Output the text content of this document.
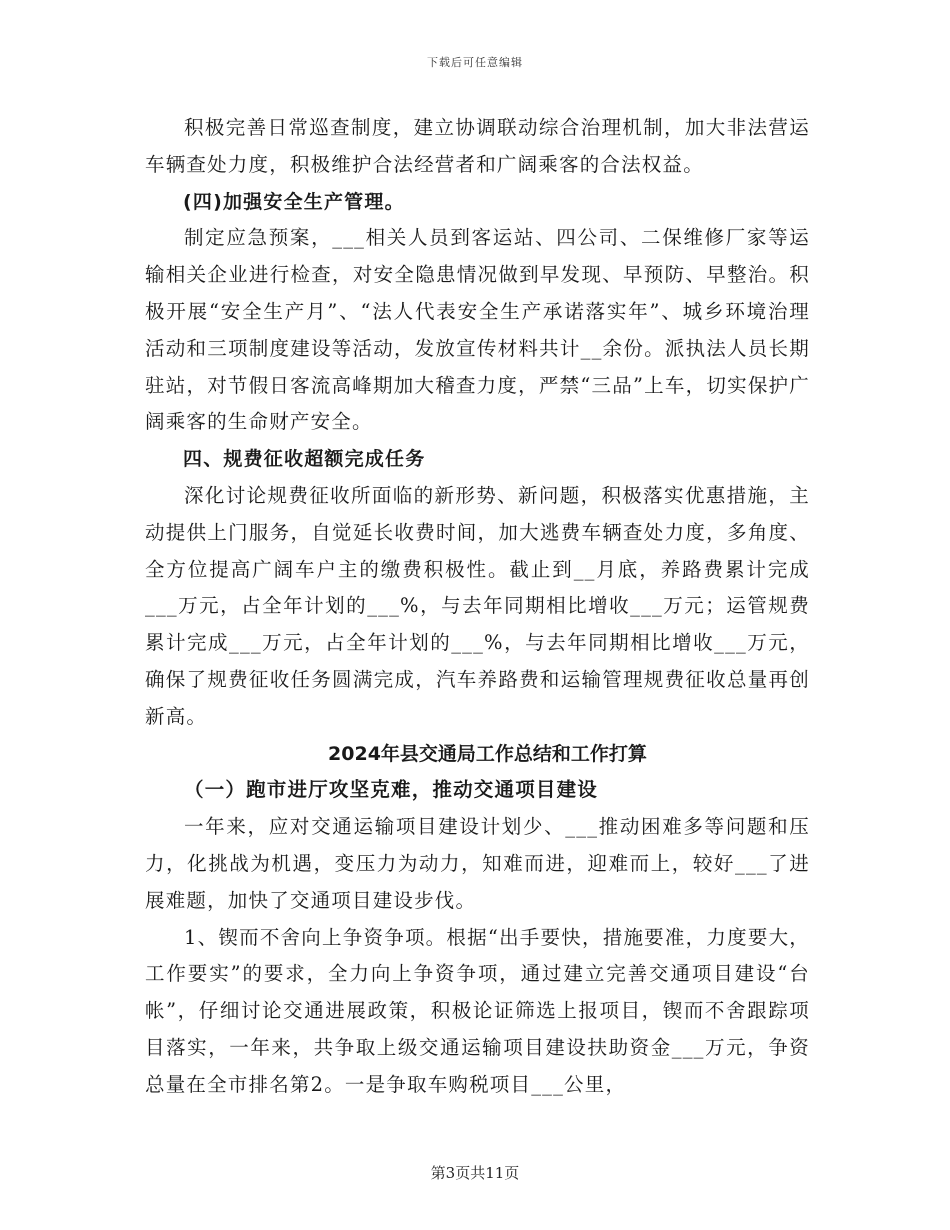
下载后可任意编辑

积极完善日常巡查制度，建立协调联动综合治理机制，加大非法营运车辆查处力度，积极维护合法经营者和广阔乘客的合法权益。

(四)加强安全生产管理。

制定应急预案，___相关人员到客运站、四公司、二保维修厂家等运输相关企业进行检查，对安全隐患情况做到早发现、早预防、早整治。积极开展“安全生产月”、“法人代表安全生产承诺落实年”、城乡环境治理活动和三项制度建设等活动，发放宣传材料共计__余份。派执法人员长期驻站，对节假日客流高峰期加大稽查力度，严禁“三品”上车，切实保护广阔乘客的生命财产安全。

四、规费征收超额完成任务

深化讨论规费征收所面临的新形势、新问题，积极落实优惠措施，主动提供上门服务，自觉延长收费时间，加大逃费车辆查处力度，多角度、全方位提高广阔车户主的缴费积极性。截止到__月底，养路费累计完成___万元，占全年计划的___%，与去年同期相比增收___万元；运管规费累计完成___万元，占全年计划的___%，与去年同期相比增收___万元，确保了规费征收任务圆满完成，汽车养路费和运输管理规费征收总量再创新高。

2024年县交通局工作总结和工作打算

（一）跑市进厅攻坚克难，推动交通项目建设

一年来，应对交通运输项目建设计划少、___推动困难多等问题和压力，化挑战为机遇，变压力为动力，知难而进，迎难而上，较好___了进展难题，加快了交通项目建设步伐。

1、锲而不舍向上争资争项。根据“出手要快，措施要准，力度要大，工作要实”的要求，全力向上争资争项，通过建立完善交通项目建设“台帐”，仔细讨论交通进展政策，积极论证筛选上报项目，锲而不舍跟踪项目落实，一年来，共争取上级交通运输项目建设扶助资金___万元，争资总量在全市排名第2。一是争取车购税项目___公里，

第3页共11页
